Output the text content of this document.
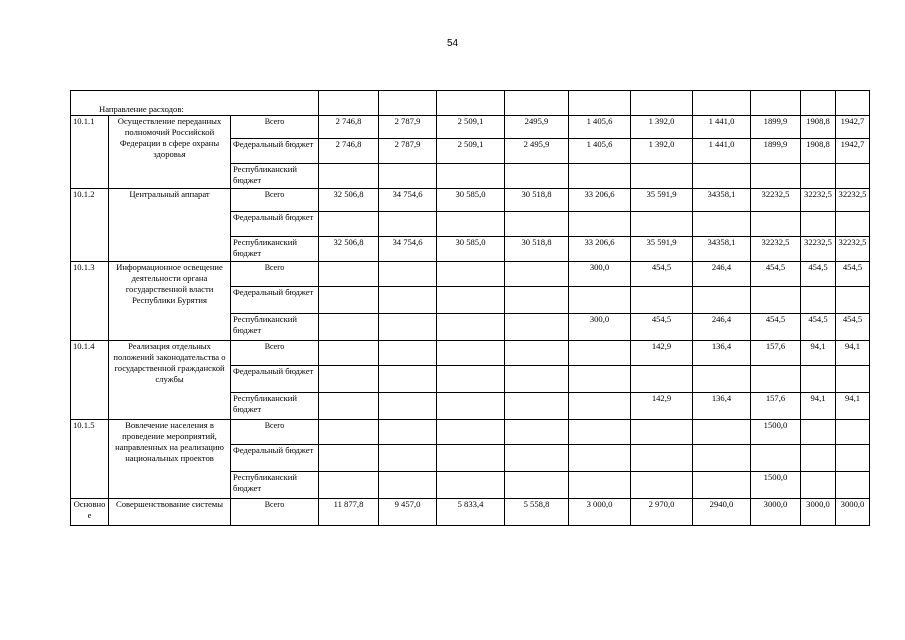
54
Направление расходов:												
10.1.1	Осуществление переданных полномочий Российской Федерации в сфере охраны здоровья	Всего	2 746,8	2 787,9	2 509,1	2495,9	1 405,6	1 392,0	1 441,0	1899,9	1908,8	1942,7
		Федеральный бюджет	2 746,8	2 787,9	2 509,1	2 495,9	1 405,6	1 392,0	1 441,0	1899,9	1908,8	1942,7
		Республиканский бюджет										
10.1.2	Центральный аппарат	Всего	32 506,8	34 754,6	30 585,0	30 518,8	33 206,6	35 591,9	34358,1	32232,5	32232,5	32232,5
		Федеральный бюджет										
		Республиканский бюджет	32 506,8	34 754,6	30 585,0	30 518,8	33 206,6	35 591,9	34358,1	32232,5	32232,5	32232,5
10.1.3	Информационное освещение деятельности органа государственной власти Республики Бурятия	Всего					300,0	454,5	246,4	454,5	454,5	454,5
		Федеральный бюджет										
		Республиканский бюджет					300,0	454,5	246,4	454,5	454,5	454,5
10.1.4	Реализация отдельных положений законодательства о государственной гражданской службы	Всего						142,9	136,4	157,6	94,1	94,1
		Федеральный бюджет										
		Республиканский бюджет						142,9	136,4	157,6	94,1	94,1
10.1.5	Вовлечение населения в проведение мероприятий, направленных на реализацию национальных проектов	Всего								1500,0		
		Федеральный бюджет										
		Республиканский бюджет								1500,0		
Основное	Совершенствование системы	Всего	11 877,8	9 457,0	5 833,4	5 558,8	3 000,0	2 970,0	2940,0	3000,0	3000,0	3000,0
